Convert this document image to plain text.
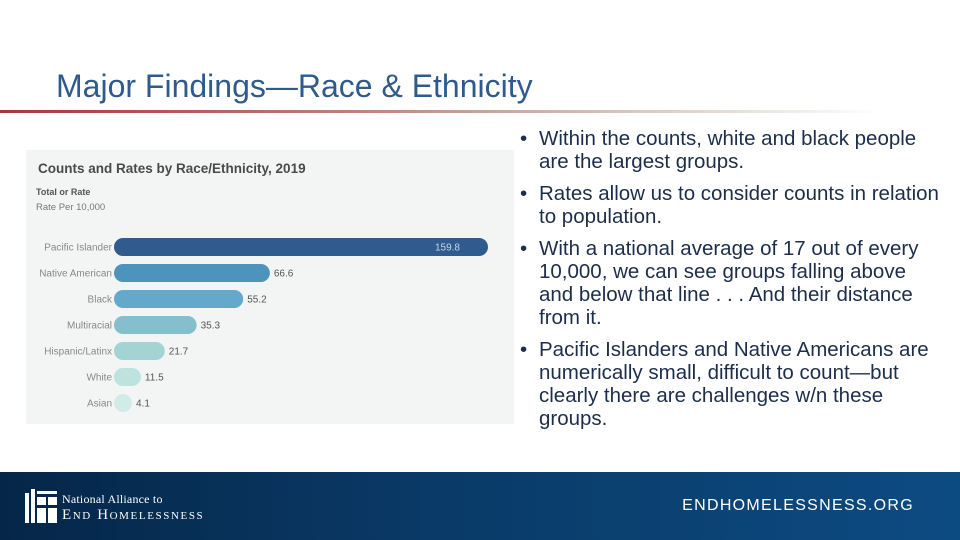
Major Findings—Race & Ethnicity
Counts and Rates by Race/Ethnicity, 2019
Total or Rate
Rate Per 10,000
Pacific Islander	159.8
Native American	66.6
Black	55.2
Multiracial	35.3
Hispanic/Latinx	21.7
White	11.5
Asian 4.1
• Within the counts, white and black people are the largest groups.
• Rates allow us to consider counts in relation to population.
• With a national average of 17 out of every 10,000, we can see groups falling above and below that line . . . And their distance from it.
• Pacific Islanders and Native Americans are numerically small, difficult to count—but clearly there are challenges w/n these groups.
National Alliance to
End Homelessness
ENDHOMELESSNESS.ORG
